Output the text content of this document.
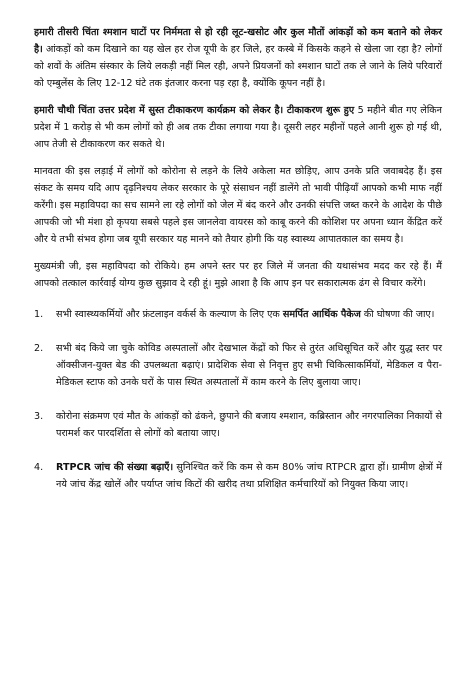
हमारी तीसरी चिंता श्मशान घाटों पर निर्ममता से हो रही लूट-खसोट और कुल मौतों आंकड़ों को कम बताने को लेकर है। आंकड़ों को कम दिखाने का यह खेल हर रोज यूपी के हर जिले, हर कस्बे में किसके कहने से खेला जा रहा है? लोगों को शवों के अंतिम संस्कार के लिये लकड़ी नहीं मिल रही, अपने प्रियजनों को श्मशान घाटों तक ले जाने के लिये परिवारों को एम्बुलेंस के लिए 12-12 घंटे तक इंतजार करना पड़ रहा है, क्योंकि कूपन नहीं है।

हमारी चौथी चिंता उत्तर प्रदेश में सुस्त टीकाकरण कार्यक्रम को लेकर है। टीकाकरण शुरू हुए 5 महीने बीत गए लेकिन प्रदेश में 1 करोड़ से भी कम लोगों को ही अब तक टीका लगाया गया है। दूसरी लहर महीनों पहले आनी शुरू हो गई थी, आप तेजी से टीकाकरण कर सकते थे।

मानवता की इस लड़ाई में लोगों को कोरोना से लड़ने के लिये अकेला मत छोड़िए, आप उनके प्रति जवाबदेह हैं। इस संकट के समय यदि आप दृढ़निश्चय लेकर सरकार के पूरे संसाधन नहीं डालेंगे तो भावी पीढ़ियाँ आपको कभी माफ नहीं करेंगी। इस महाविपदा का सच सामने ला रहे लोगों को जेल में बंद करने और उनकी संपत्ति जब्त करने के आदेश के पीछे आपकी जो भी मंशा हो कृपया सबसे पहले इस जानलेवा वायरस को काबू करने की कोशिश पर अपना ध्यान केंद्रित करें और ये तभी संभव होगा जब यूपी सरकार यह मानने को तैयार होगी कि यह स्वास्थ्य आपातकाल का समय है।

मुख्यमंत्री जी, इस महाविपदा को रोकिये। हम अपने स्तर पर हर जिले में जनता की यथासंभव मदद कर रहे हैं। मैं आपको तत्काल कार्रवाई योग्य कुछ सुझाव दे रही हूं। मुझे आशा है कि आप इन पर सकारात्मक ढंग से विचार करेंगे।

1. सभी स्वास्थ्यकर्मियों और फ्रंटलाइन वर्कर्स के कल्याण के लिए एक समर्पित आर्थिक पैकेज की घोषणा की जाए।
2. सभी बंद किये जा चुके कोविड अस्पतालों और देखभाल केंद्रों को फिर से तुरंत अधिसूचित करें और युद्ध स्तर पर ऑक्सीजन-युक्त बेड की उपलब्धता बढ़ाएं। प्रादेशिक सेवा से निवृत्त हुए सभी चिकित्साकर्मियों, मेडिकल व पैरा-मेडिकल स्टाफ को उनके घरों के पास स्थित अस्पतालों में काम करने के लिए बुलाया जाए।
3. कोरोना संक्रमण एवं मौत के आंकड़ों को ढंकने, छुपाने की बजाय श्मशान, कब्रिस्तान और नगरपालिका निकायों से परामर्श कर पारदर्शिता से लोगों को बताया जाए।
4. RTPCR जांच की संख्या बढ़ाएँ। सुनिश्चित करें कि कम से कम 80% जांच RTPCR द्वारा हों। ग्रामीण क्षेत्रों में नये जांच केंद्र खोलें और पर्याप्त जांच किटों की खरीद तथा प्रशिक्षित कर्मचारियों को नियुक्त किया जाए।
